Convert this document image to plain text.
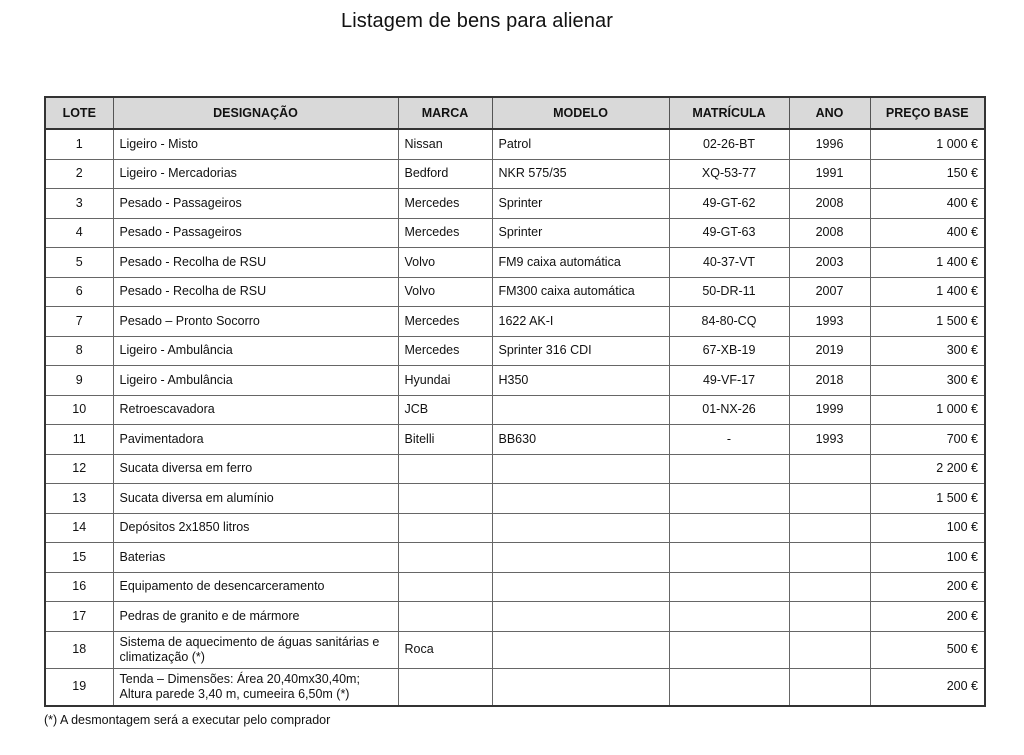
Listagem de bens para alienar
LOTE	DESIGNAÇÃO	MARCA	MODELO	MATRÍCULA	ANO	PREÇO BASE
1	Ligeiro - Misto	Nissan	Patrol	02-26-BT	1996	1 000 €
2	Ligeiro - Mercadorias	Bedford	NKR 575/35	XQ-53-77	1991	150 €
3	Pesado - Passageiros	Mercedes	Sprinter	49-GT-62	2008	400 €
4	Pesado - Passageiros	Mercedes	Sprinter	49-GT-63	2008	400 €
5	Pesado - Recolha de RSU	Volvo	FM9 caixa automática	40-37-VT	2003	1 400 €
6	Pesado - Recolha de RSU	Volvo	FM300 caixa automática	50-DR-11	2007	1 400 €
7	Pesado – Pronto Socorro	Mercedes	1622 AK-I	84-80-CQ	1993	1 500 €
8	Ligeiro - Ambulância	Mercedes	Sprinter 316 CDI	67-XB-19	2019	300 €
9	Ligeiro - Ambulância	Hyundai	H350	49-VF-17	2018	300 €
10	Retroescavadora	JCB		01-NX-26	1999	1 000 €
11	Pavimentadora	Bitelli	BB630	-	1993	700 €
12	Sucata diversa em ferro					2 200 €
13	Sucata diversa em alumínio					1 500 €
14	Depósitos 2x1850 litros					100 €
15	Baterias					100 €
16	Equipamento de desencarceramento					200 €
17	Pedras de granito e de mármore					200 €
18	Sistema de aquecimento de águas sanitárias e climatização (*)	Roca				500 €
19	Tenda – Dimensões: Área 20,40mx30,40m; Altura parede 3,40 m, cumeeira 6,50m (*)					200 €
(*) A desmontagem será a executar pelo comprador
